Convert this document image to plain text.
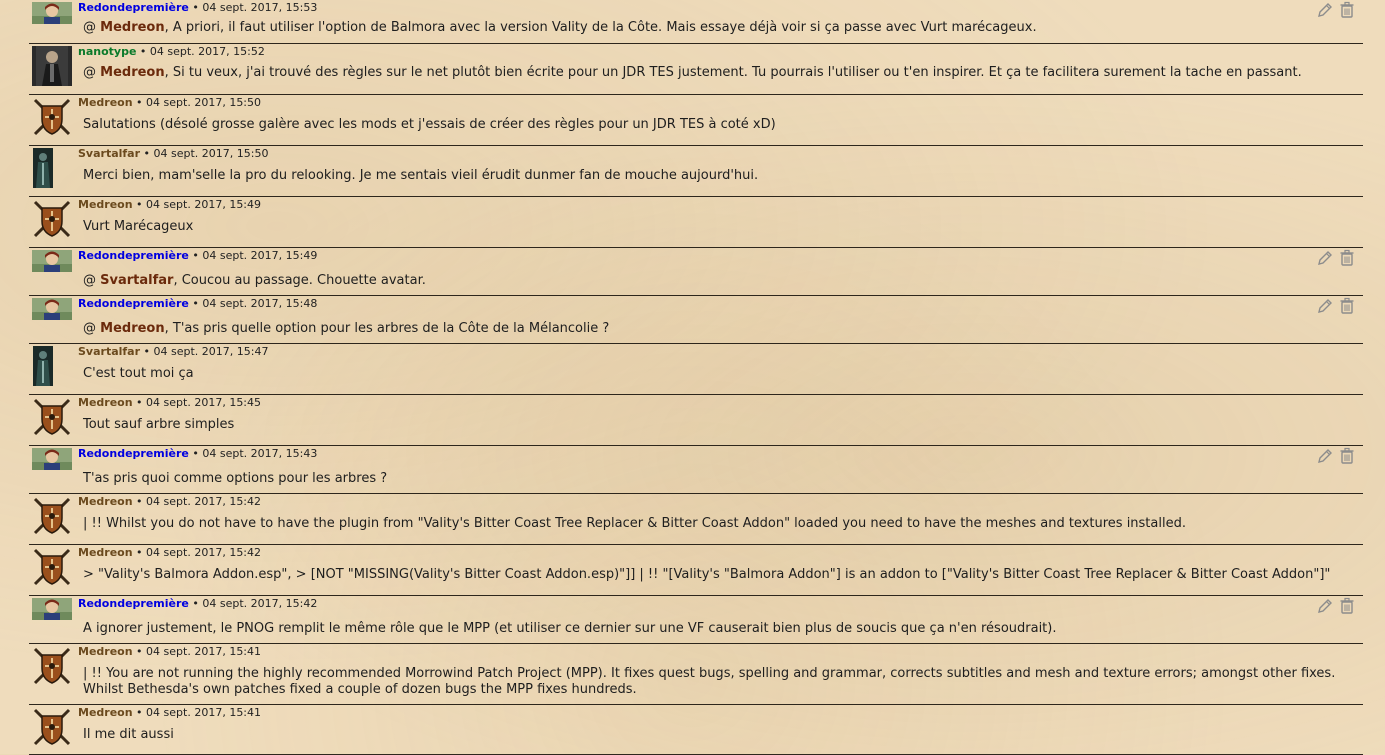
Redondepremière • 04 sept. 2017, 15:53
@ Medreon, A priori, il faut utiliser l'option de Balmora avec la version Vality de la Côte. Mais essaye déjà voir si ça passe avec Vurt marécageux.
nanotype • 04 sept. 2017, 15:52
@ Medreon, Si tu veux, j'ai trouvé des règles sur le net plutôt bien écrite pour un JDR TES justement. Tu pourrais l'utiliser ou t'en inspirer. Et ça te facilitera surement la tache en passant.
Medreon • 04 sept. 2017, 15:50
Salutations (désolé grosse galère avec les mods et j'essais de créer des règles pour un JDR TES à coté xD)
Svartalfar • 04 sept. 2017, 15:50
Merci bien, mam'selle la pro du relooking. Je me sentais vieil érudit dunmer fan de mouche aujourd'hui.
Medreon • 04 sept. 2017, 15:49
Vurt Marécageux
Redondepremière • 04 sept. 2017, 15:49
@ Svartalfar, Coucou au passage. Chouette avatar.
Redondepremière • 04 sept. 2017, 15:48
@ Medreon, T'as pris quelle option pour les arbres de la Côte de la Mélancolie ?
Svartalfar • 04 sept. 2017, 15:47
C'est tout moi ça
Medreon • 04 sept. 2017, 15:45
Tout sauf arbre simples
Redondepremière • 04 sept. 2017, 15:43
T'as pris quoi comme options pour les arbres ?
Medreon • 04 sept. 2017, 15:42
| !! Whilst you do not have to have the plugin from "Vality's Bitter Coast Tree Replacer & Bitter Coast Addon" loaded you need to have the meshes and textures installed.
Medreon • 04 sept. 2017, 15:42
> "Vality's Balmora Addon.esp", > [NOT "MISSING(Vality's Bitter Coast Addon.esp)"]] | !! "[Vality's "Balmora Addon"] is an addon to ["Vality's Bitter Coast Tree Replacer & Bitter Coast Addon"]"
Redondepremière • 04 sept. 2017, 15:42
A ignorer justement, le PNOG remplit le même rôle que le MPP (et utiliser ce dernier sur une VF causerait bien plus de soucis que ça n'en résoudrait).
Medreon • 04 sept. 2017, 15:41
| !! You are not running the highly recommended Morrowind Patch Project (MPP). It fixes quest bugs, spelling and grammar, corrects subtitles and mesh and texture errors; amongst other fixes. Whilst Bethesda's own patches fixed a couple of dozen bugs the MPP fixes hundreds.
Medreon • 04 sept. 2017, 15:41
Il me dit aussi
